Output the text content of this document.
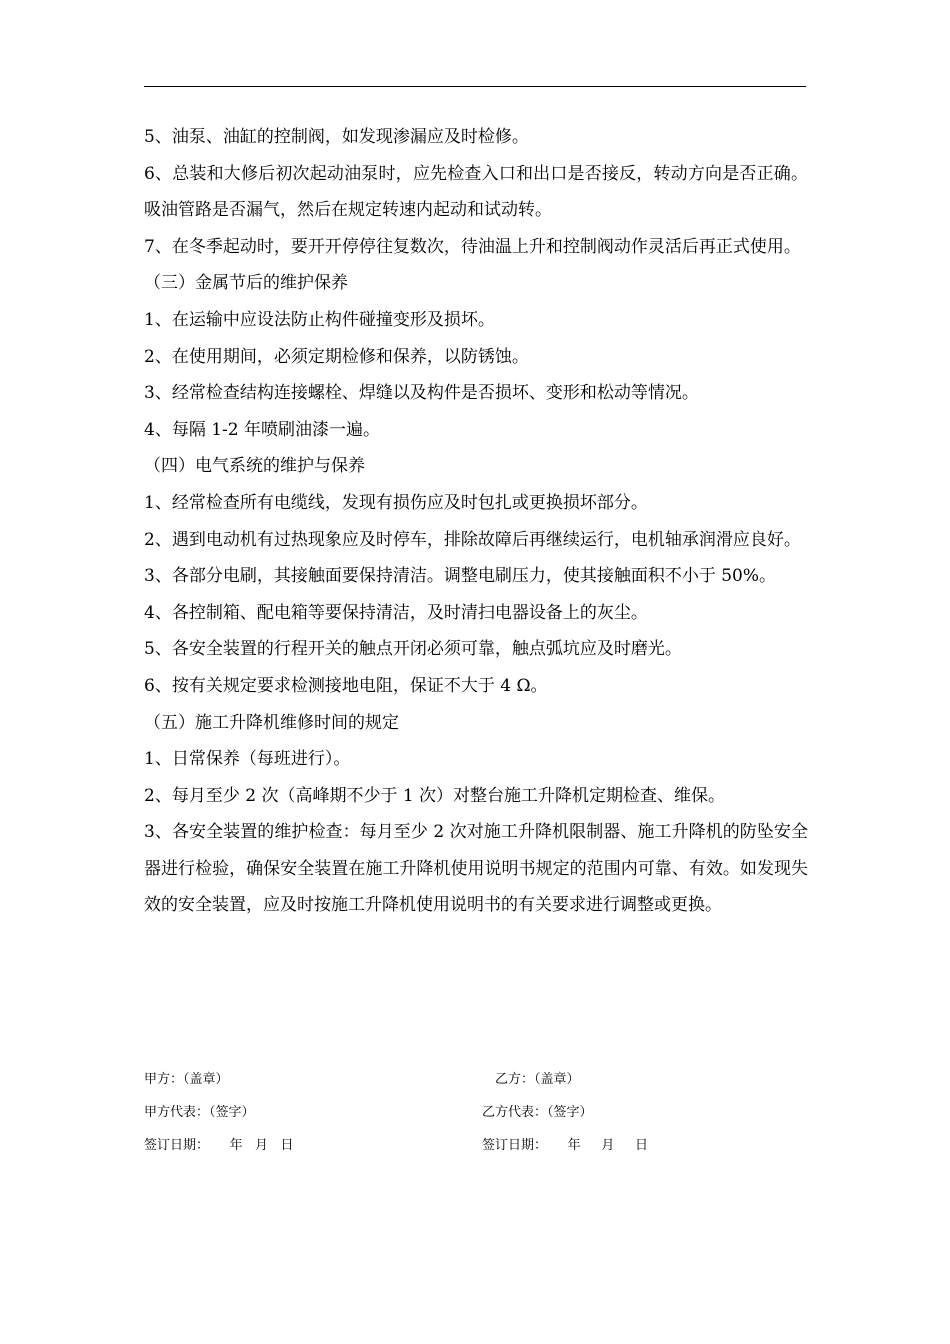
5、油泵、油缸的控制阀，如发现渗漏应及时检修。

6、总装和大修后初次起动油泵时，应先检查入口和出口是否接反，转动方向是否正确。吸油管路是否漏气，然后在规定转速内起动和试动转。

7、在冬季起动时，要开开停停往复数次，待油温上升和控制阀动作灵活后再正式使用。

（三）金属节后的维护保养

1、在运输中应设法防止构件碰撞变形及损坏。

2、在使用期间，必须定期检修和保养，以防锈蚀。

3、经常检查结构连接螺栓、焊缝以及构件是否损坏、变形和松动等情况。

4、每隔 1-2 年喷刷油漆一遍。

（四）电气系统的维护与保养

1、经常检查所有电缆线，发现有损伤应及时包扎或更换损坏部分。

2、遇到电动机有过热现象应及时停车，排除故障后再继续运行，电机轴承润滑应良好。

3、各部分电刷，其接触面要保持清洁。调整电刷压力，使其接触面积不小于 50%。

4、各控制箱、配电箱等要保持清洁，及时清扫电器设备上的灰尘。

5、各安全装置的行程开关的触点开闭必须可靠，触点弧坑应及时磨光。

6、按有关规定要求检测接地电阻，保证不大于 4 Ω。

（五）施工升降机维修时间的规定

1、日常保养（每班进行）。

2、每月至少 2 次（高峰期不少于 1 次）对整台施工升降机定期检查、维保。

3、各安全装置的维护检查：每月至少 2 次对施工升降机限制器、施工升降机的防坠安全器进行检验，确保安全装置在施工升降机使用说明书规定的范围内可靠、有效。如发现失效的安全装置，应及时按施工升降机使用说明书的有关要求进行调整或更换。

甲方：（盖章）	乙方：（盖章）
甲方代表：（签字）	乙方代表：（签字）
签订日期：     年   月   日	签订日期：     年     月     日
